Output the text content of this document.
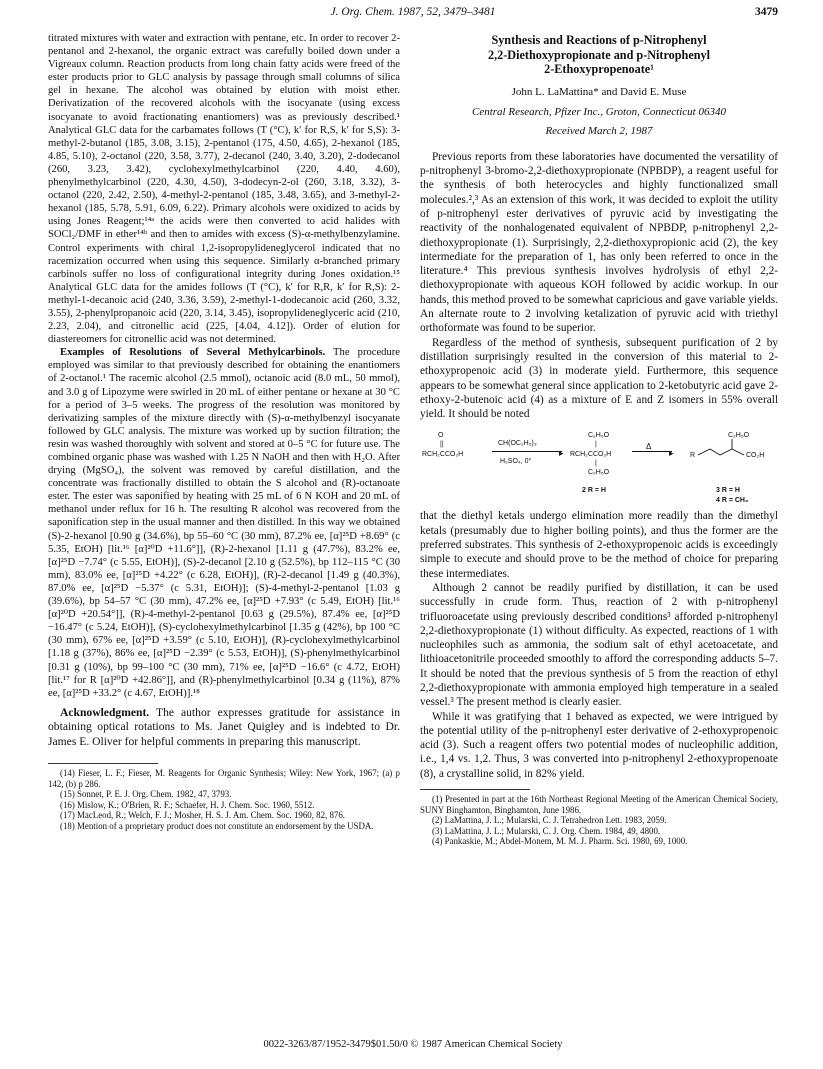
J. Org. Chem. 1987, 52, 3479–3481	3479

titrated mixtures with water and extraction with pentane, etc. In order to recover 2-pentanol and 2-hexanol, the organic extract was carefully boiled down under a Vigreaux column. Reaction products from long chain fatty acids were freed of the ester products prior to GLC analysis by passage through small columns of silica gel in hexane. The alcohol was obtained by elution with moist ether. Derivatization of the recovered alcohols with the isocyanate (using excess isocyanate to avoid fractionating enantiomers) was as previously described.¹ Analytical GLC data for the carbamates follows (T (°C), k′ for R,S, k′ for S,S): 3-methyl-2-butanol (185, 3.08, 3.15), 2-pentanol (175, 4.50, 4.65), 2-hexanol (185, 4.85, 5.10), 2-octanol (220, 3.58, 3.77), 2-decanol (240, 3.40, 3.20), 2-dodecanol (260, 3.23, 3.42), cyclohexylmethylcarbinol (220, 4.40, 4.60), phenylmethylcarbinol (220, 4.30, 4.50), 3-dodecyn-2-ol (260, 3.18, 3.32), 3-octanol (220, 2.42, 2.50), 4-methyl-2-pentanol (185, 3.48, 3.65), and 3-methyl-2-hexanol (185, 5.78, 5.91, 6.09, 6.22). Primary alcohols were oxidized to acids by using Jones Reagent;¹⁴ᵃ the acids were then converted to acid halides with SOCl₂/DMF in ether¹⁴ᵇ and then to amides with excess (S)-α-methylbenzylamine. Control experiments with chiral 1,2-isopropylideneglycerol indicated that no racemization occurred when using this sequence. Similarly α-branched primary carbinols suffer no loss of configurational integrity during Jones oxidation.¹⁵ Analytical GLC data for the amides follows (T (°C), k′ for R,R, k′ for R,S): 2-methyl-1-decanoic acid (240, 3.36, 3.59), 2-methyl-1-dodecanoic acid (260, 3.32, 3.55), 2-phenylpropanoic acid (220, 3.14, 3.45), isopropylideneglyceric acid (210, 2.23, 2.04), and citronellic acid (225, [4.04, 4.12]). Order of elution for diastereomers for citronellic acid was not determined.

Examples of Resolutions of Several Methylcarbinols. The procedure employed was similar to that previously described for obtaining the enantiomers of 2-octanol.¹ The racemic alcohol (2.5 mmol), octanoic acid (8.0 mL, 50 mmol), and 3.0 g of Lipozyme were swirled in 20 mL of either pentane or hexane at 30 °C for a period of 3–5 weeks. The progress of the resolution was monitored by derivatizing samples of the mixture directly with (S)-α-methylbenzyl isocyanate followed by GLC analysis. The mixture was worked up by suction filtration; the resin was washed thoroughly with solvent and stored at 0–5 °C for future use. The combined organic phase was washed with 1.25 N NaOH and then with H₂O. After drying (MgSO₄), the solvent was removed by careful distillation, and the concentrate was fractionally distilled to obtain the S alcohol and (R)-octanoate ester. The ester was saponified by heating with 25 mL of 6 N KOH and 20 mL of methanol under reflux for 16 h. The resulting R alcohol was recovered from the saponification step in the usual manner and then distilled. In this way we obtained (S)-2-hexanol [0.90 g (34.6%), bp 55–60 °C (30 mm), 87.2% ee, [α]²⁵D +8.69° (c 5.35, EtOH) [lit.¹⁶ [α]²⁰D +11.6°]], (R)-2-hexanol [1.11 g (47.7%), 83.2% ee, [α]²⁵D −7.74° (c 5.55, EtOH)], (S)-2-decanol [2.10 g (52.5%), bp 112–115 °C (30 mm), 83.0% ee, [α]²⁵D +4.22° (c 6.28, EtOH)], (R)-2-decanol [1.49 g (40.3%), 87.0% ee, [α]²⁵D −5.37° (c 5.31, EtOH)]; (S)-4-methyl-2-pentanol [1.03 g (39.6%), bp 54–57 °C (30 mm), 47.2% ee, [α]²⁵D +7.93° (c 5.49, EtOH) [lit.¹⁶ [α]²⁰D +20.54°]], (R)-4-methyl-2-pentanol [0.63 g (29.5%), 87.4% ee, [α]²⁵D −16.47° (c 5.24, EtOH)], (S)-cyclohexylmethylcarbinol [1.35 g (42%), bp 100 °C (30 mm), 67% ee, [α]²⁵D +3.59° (c 5.10, EtOH)], (R)-cyclohexylmethylcarbinol [1.18 g (37%), 86% ee, [α]²⁵D −2.39° (c 5.53, EtOH)], (S)-phenylmethylcarbinol [0.31 g (10%), bp 99–100 °C (30 mm), 71% ee, [α]²⁵D −16.6° (c 4.72, EtOH) [lit.¹⁷ for R [α]²⁰D +42.86°]], and (R)-phenylmethylcarbinol [0.34 g (11%), 87% ee, [α]²⁵D +33.2° (c 4.67, EtOH)].¹⁸

Acknowledgment. The author expresses gratitude for assistance in obtaining optical rotations to Ms. Janet Quigley and is indebted to Dr. James E. Oliver for helpful comments in preparing this manuscript.

(14) Fieser, L. F.; Fieser, M. Reagents for Organic Synthesis; Wiley: New York, 1967; (a) p 142, (b) p 286.

(15) Sonnet, P. E. J. Org. Chem. 1982, 47, 3793.

(16) Mislow, K.; O'Brien, R. F.; Schaefer, H. J. Chem. Soc. 1960, 5512.

(17) MacLeod, R.; Welch, F. J.; Mosher, H. S. J. Am. Chem. Soc. 1960, 82, 876.

(18) Mention of a proprietary product does not constitute an endorsement by the USDA.

Synthesis and Reactions of p-Nitrophenyl
2,2-Diethoxypropionate and p-Nitrophenyl
2-Ethoxypropenoate¹
John L. LaMattina* and David E. Muse
Central Research, Pfizer Inc., Groton, Connecticut 06340
Received March 2, 1987

Previous reports from these laboratories have documented the versatility of p-nitrophenyl 3-bromo-2,2-diethoxypropionate (NPBDP), a reagent useful for the synthesis of both heterocycles and highly functionalized small molecules.²,³ As an extension of this work, it was decided to exploit the utility of p-nitrophenyl ester derivatives of pyruvic acid by investigating the reactivity of the nonhalogenated equivalent of NPBDP, p-nitrophenyl 2,2-diethoxypropionate (1). Surprisingly, 2,2-diethoxypropionic acid (2), the key intermediate for the preparation of 1, has only been referred to once in the literature.⁴ This previous synthesis involves hydrolysis of ethyl 2,2-diethoxypropionate with aqueous KOH followed by acidic workup. In our hands, this method proved to be somewhat capricious and gave variable yields. An alternate route to 2 involving ketalization of pyruvic acid with triethyl orthoformate was found to be superior.

Regardless of the method of synthesis, subsequent purification of 2 by distillation surprisingly resulted in the conversion of this material to 2-ethoxypropenoic acid (3) in moderate yield. Furthermore, this sequence appears to be somewhat general since application to 2-ketobutyric acid gave 2-ethoxy-2-butenoic acid (4) as a mixture of E and Z isomers in 55% overall yield. It should be noted

O
||
RCH₂CCO₂H
CH(OC₂H₅)₃
▸
H₂SO₄, 0°
C₂H₅O
|
RCH₂CCO₂H
|
C₂H₅O
2 R = H
Δ
▸
C₂H₅O
R	CO₂H
3 R = H
4 R = CH₃

that the diethyl ketals undergo elimination more readily than the dimethyl ketals (presumably due to higher boiling points), and thus the former are the preferred substrates. This synthesis of 2-ethoxypropenoic acids is exceedingly simple to execute and should prove to be the method of choice for preparing these intermediates.

Although 2 cannot be readily purified by distillation, it can be used successfully in crude form. Thus, reaction of 2 with p-nitrophenyl trifluoroacetate using previously described conditions³ afforded p-nitrophenyl 2,2-diethoxypropionate (1) without difficulty. As expected, reactions of 1 with nucleophiles such as ammonia, the sodium salt of ethyl acetoacetate, and lithioacetonitrile proceeded smoothly to afford the corresponding adducts 5–7. It should be noted that the previous synthesis of 5 from the reaction of ethyl 2,2-diethoxypropionate with ammonia employed high temperature in a sealed vessel.³ The present method is clearly easier.

While it was gratifying that 1 behaved as expected, we were intrigued by the potential utility of the p-nitrophenyl ester derivative of 2-ethoxypropenoic acid (3). Such a reagent offers two potential modes of nucleophilic addition, i.e., 1,4 vs. 1,2. Thus, 3 was converted into p-nitrophenyl 2-ethoxypropenoate (8), a crystalline solid, in 82% yield.

(1) Presented in part at the 16th Northeast Regional Meeting of the American Chemical Society, SUNY Binghamton, Binghamton, June 1986.

(2) LaMattina, J. L.; Mularski, C. J. Tetrahedron Lett. 1983, 2059.

(3) LaMattina, J. L.; Mularski, C. J. Org. Chem. 1984, 49, 4800.

(4) Pankaskie, M.; Abdel-Monem, M. M. J. Pharm. Sci. 1980, 69, 1000.

0022-3263/87/1952-3479$01.50/0 © 1987 American Chemical Society
